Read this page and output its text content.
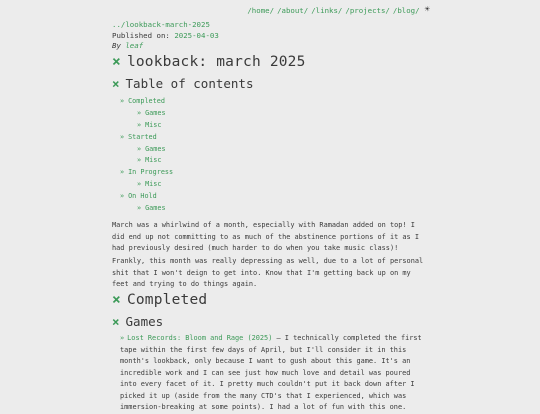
/home/ /about/ /links/ /projects/ /blog/ ☀
../lookback-march-2025
Published on: 2025-04-03
By leaf
× lookback: march 2025
× Table of contents
» Completed
» Games
» Misc
» Started
» Games
» Misc
» In Progress
» Misc
» On Hold
» Games

March was a whirlwind of a month, especially with Ramadan added on top! I did end up not committing to as much of the abstinence portions of it as I had previously desired (much harder to do when you take music class)!

Frankly, this month was really depressing as well, due to a lot of personal shit that I won't deign to get into. Know that I'm getting back up on my feet and trying to do things again.

× Completed
× Games
» Lost Records: Bloom and Rage (2025) – I technically completed the first tape within the first few days of April, but I'll consider it in this month's lookback, only because I want to gush about this game. It's an incredible work and I can see just how much love and detail was poured into every facet of it. I pretty much couldn't put it back down after I picked it up (aside from the many CTD's that I experienced, which was immersion-breaking at some points). I had a lot of fun with this one.
